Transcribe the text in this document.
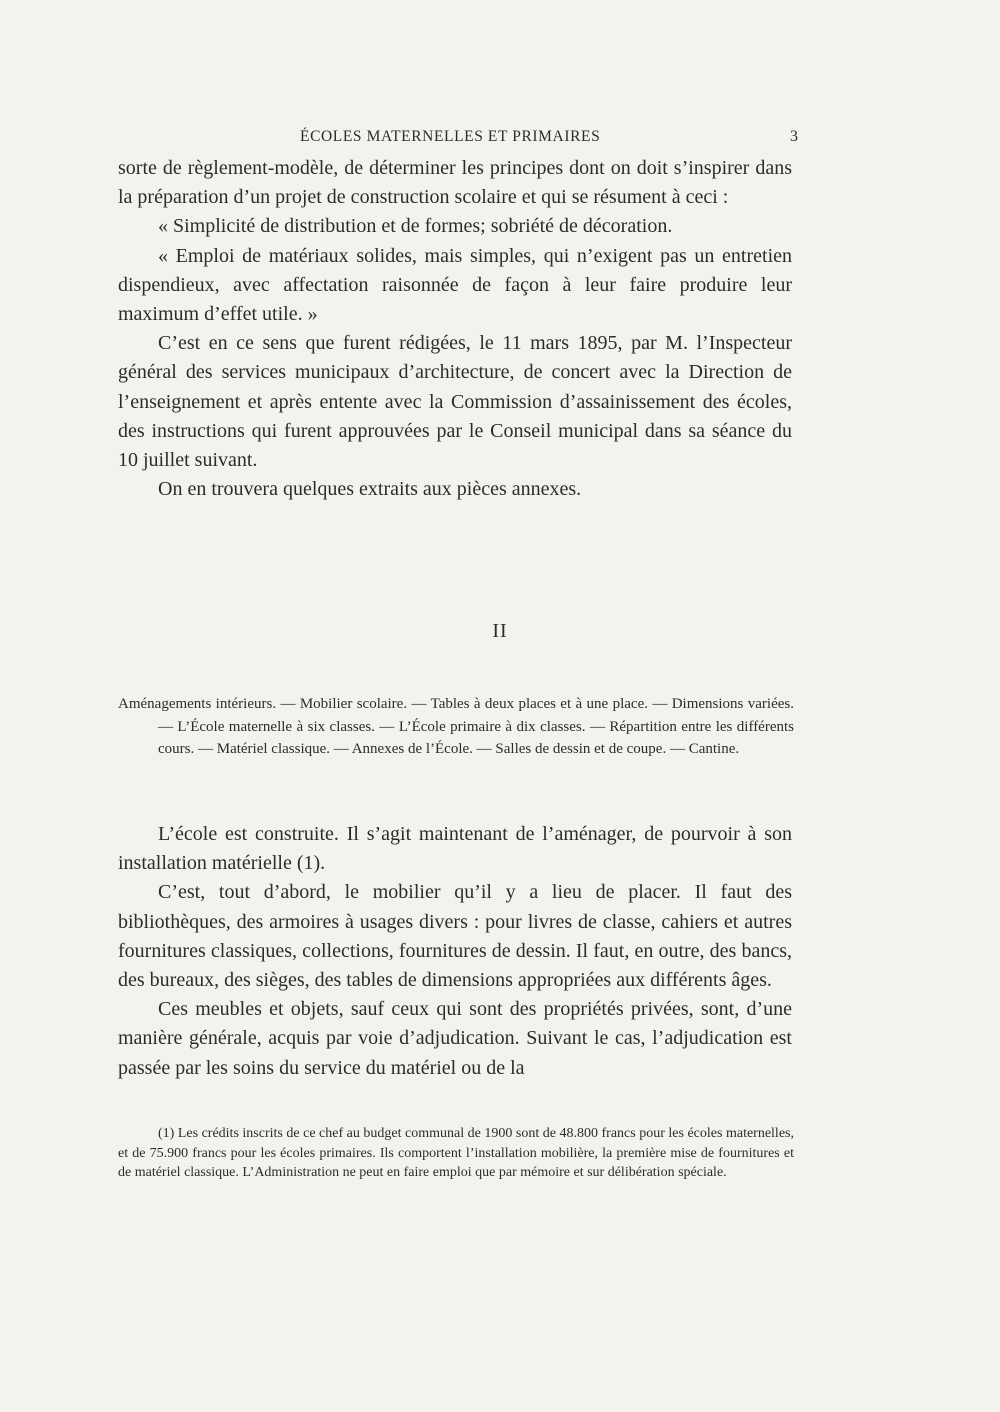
ÉCOLES MATERNELLES ET PRIMAIRES	3

sorte de règlement-modèle, de déterminer les principes dont on doit s’inspirer dans la préparation d’un projet de construction scolaire et qui se résument à ceci :

« Simplicité de distribution et de formes; sobriété de décoration.

« Emploi de matériaux solides, mais simples, qui n’exigent pas un entretien dispendieux, avec affectation raisonnée de façon à leur faire produire leur maximum d’effet utile. »

C’est en ce sens que furent rédigées, le 11 mars 1895, par M. l’Inspecteur général des services municipaux d’architecture, de concert avec la Direction de l’enseignement et après entente avec la Commission d’assainissement des écoles, des instructions qui furent approuvées par le Conseil municipal dans sa séance du 10 juillet suivant.

On en trouvera quelques extraits aux pièces annexes.

II

Aménagements intérieurs. — Mobilier scolaire. — Tables à deux places et à une place. — Dimensions variées. — L’École maternelle à six classes. — L’École primaire à dix classes. — Répartition entre les différents cours. — Matériel classique. — Annexes de l’École. — Salles de dessin et de coupe. — Cantine.

L’école est construite. Il s’agit maintenant de l’aménager, de pourvoir à son installation matérielle (1).

C’est, tout d’abord, le mobilier qu’il y a lieu de placer. Il faut des bibliothèques, des armoires à usages divers : pour livres de classe, cahiers et autres fournitures classiques, collections, fournitures de dessin. Il faut, en outre, des bancs, des bureaux, des sièges, des tables de dimensions appropriées aux différents âges.

Ces meubles et objets, sauf ceux qui sont des propriétés privées, sont, d’une manière générale, acquis par voie d’adjudication. Suivant le cas, l’adjudication est passée par les soins du service du matériel ou de la

(1) Les crédits inscrits de ce chef au budget communal de 1900 sont de 48.800 francs pour les écoles maternelles, et de 75.900 francs pour les écoles primaires. Ils comportent l’installation mobilière, la première mise de fournitures et de matériel classique. L’Administration ne peut en faire emploi que par mémoire et sur délibération spéciale.
